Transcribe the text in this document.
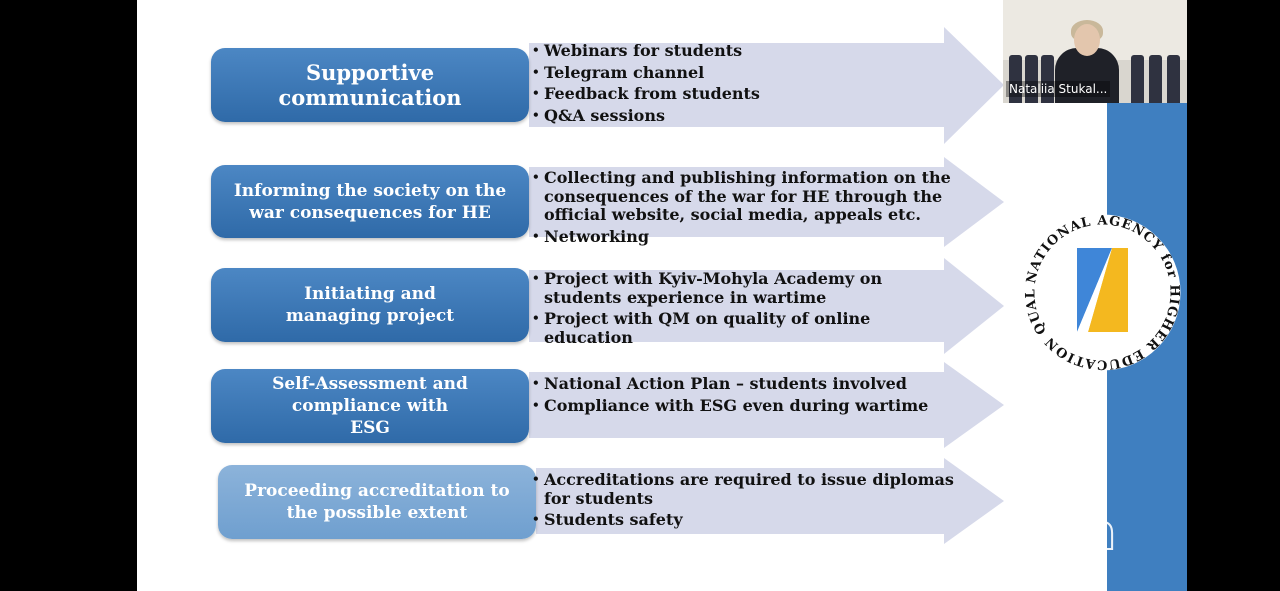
Supportive communication
Informing the society on the war consequences for HE
Initiating and managing project
Self-Assessment and compliance with ESG
Proceeding accreditation to the possible extent
• Webinars for students
• Telegram channel
• Feedback from students
• Q&A sessions
• Collecting and publishing information on the consequences of the war for HE through the official website, social media, appeals etc.
• Networking
• Project with Kyiv-Mohyla Academy on students experience in wartime
• Project with QM on quality of online education
• National Action Plan – students involved
• Compliance with ESG even during wartime
• Accreditations are required to issue diplomas for students
• Students safety
NATIONAL AGENCY for HIGHER EDUCATION QUAL
Nataliia Stukal...
zoom
